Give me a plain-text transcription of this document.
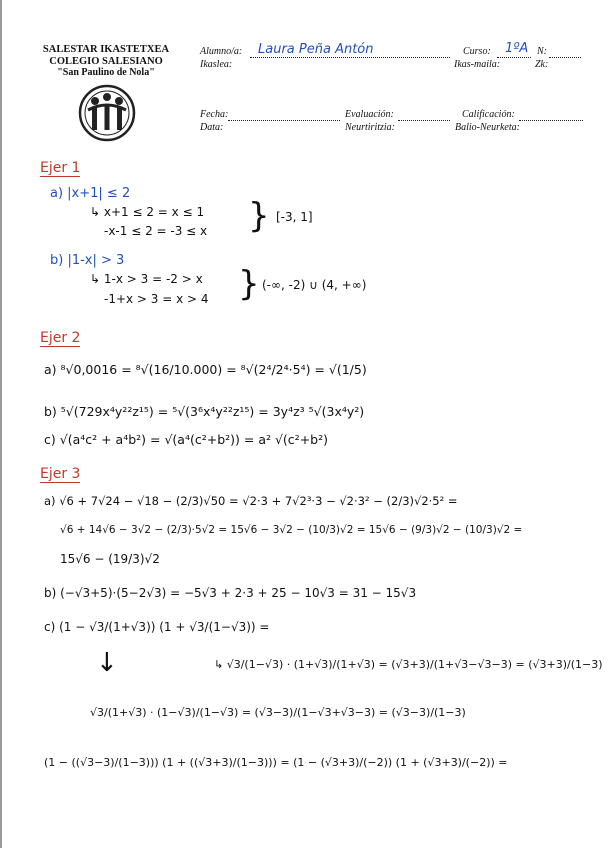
SALESTAR IKASTETXEA
COLEGIO SALESIANO
"San Paulino de Nola"
Alumno/a: Laura Peña Antón
Ikaslea:
Curso: 1ºA
Ikas-maila:
N:
Zk:
Fecha:
Data:
Evaluación:
Neurtiritzia:
Calificación:
Balio-Neurketa:
Ejer 1
a) |x+1| ≤ 2
↳ x+1 ≤ 2 = x ≤ 1
-x-1 ≤ 2 = -3 ≤ x } [-3, 1]
b) |1-x| > 3
↳ 1-x > 3 = -2 > x
-1+x > 3 = x > 4 } (-∞, -2) ∪ (4, +∞)
Ejer 2
a) ⁸√0,0016 = ⁸√(16/10.000) = ⁸√(2⁴/2⁴·5⁴) = √(1/5)
b) ⁵√(729x⁴y²²z¹⁵) = ⁵√(3⁶x⁴y²²z¹⁵) = 3y⁴z³ ⁵√(3x⁴y²)
c) √(a⁴c² + a⁴b²) = √(a⁴(c²+b²)) = a² √(c²+b²)
Ejer 3
a) √6 + 7√24 − √18 − (2/3)√50 = √2·3 + 7√2³·3 − √2·3² − (2/3)√2·5² =
√6 + 14√6 − 3√2 − (2/3)·5√2 = 15√6 − 3√2 − (10/3)√2 = 15√6 − (9/3)√2 − (10/3)√2 =
15√6 − (19/3)√2
b) (−√3+5)·(5−2√3) = −5√3 + 2·3 + 25 − 10√3 = 31 − 15√3
c) (1 − √3/(1+√3)) (1 + √3/(1−√3)) =
↓	↳ √3/(1−√3) · (1+√3)/(1+√3) = (√3+3)/(1+√3−√3−3) = (√3+3)/(1−3)
√3/(1+√3) · (1−√3)/(1−√3) = (√3−3)/(1−√3+√3−3) = (√3−3)/(1−3)
(1 − ((√3−3)/(1−3))) (1 + ((√3+3)/(1−3))) = (1 − (√3+3)/(−2)) (1 + (√3+3)/(−2)) =
